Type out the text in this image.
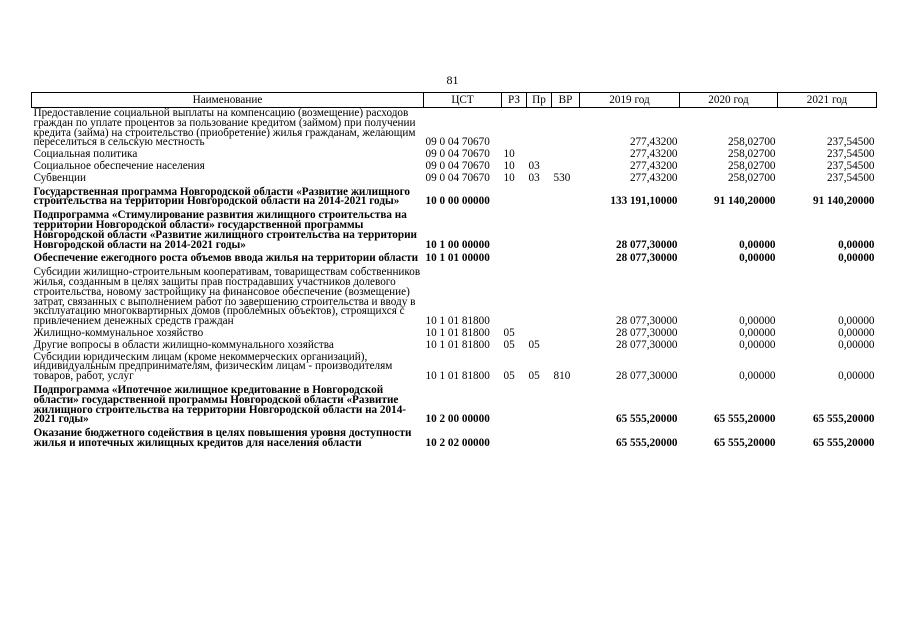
81
Наименование	ЦСТ	РЗ	Пр	ВР	2019 год	2020 год	2021 год
Предоставление социальной выплаты на компенсацию (возмещение) расходов граждан по уплате процентов за пользование кредитом (займом) при получении кредита (займа) на строительство (приобретение) жилья гражданам, желающим переселиться в сельскую местность	09 0 04 70670				277,43200	258,02700	237,54500
Социальная политика	09 0 04 70670	10			277,43200	258,02700	237,54500
Социальное обеспечение населения	09 0 04 70670	10	03		277,43200	258,02700	237,54500
Субвенции	09 0 04 70670	10	03	530	277,43200	258,02700	237,54500
Государственная программа Новгородской области «Развитие жилищного строительства на территории Новгородской области на 2014-2021 годы»	10 0 00 00000				133 191,10000	91 140,20000	91 140,20000
Подпрограмма «Стимулирование развития жилищного строительства на территории Новгородской области» государственной программы Новгородской области «Развитие жилищного строительства на территории Новгородской области на 2014-2021 годы»	10 1 00 00000				28 077,30000	0,00000	0,00000
Обеспечение ежегодного роста объемов ввода жилья на территории области	10 1 01 00000				28 077,30000	0,00000	0,00000
Субсидии жилищно-строительным кооперативам, товариществам собственников жилья, созданным в целях защиты прав пострадавших участников долевого строительства, новому застройщику на финансовое обеспечение (возмещение) затрат, связанных с выполнением работ по завершению строительства и вводу в эксплуатацию многоквартирных домов (проблемных объектов), строящихся с привлечением денежных средств граждан	10 1 01 81800				28 077,30000	0,00000	0,00000
Жилищно-коммунальное хозяйство	10 1 01 81800	05			28 077,30000	0,00000	0,00000
Другие вопросы в области жилищно-коммунального хозяйства	10 1 01 81800	05	05		28 077,30000	0,00000	0,00000
Субсидии юридическим лицам (кроме некоммерческих организаций), индивидуальным предпринимателям, физическим лицам - производителям товаров, работ, услуг	10 1 01 81800	05	05	810	28 077,30000	0,00000	0,00000
Подпрограмма «Ипотечное жилищное кредитование в Новгородской области» государственной программы Новгородской области «Развитие жилищного строительства на территории Новгородской области на 2014-2021 годы»	10 2 00 00000				65 555,20000	65 555,20000	65 555,20000
Оказание бюджетного содействия в целях повышения уровня доступности жилья и ипотечных жилищных кредитов для населения области	10 2 02 00000				65 555,20000	65 555,20000	65 555,20000
